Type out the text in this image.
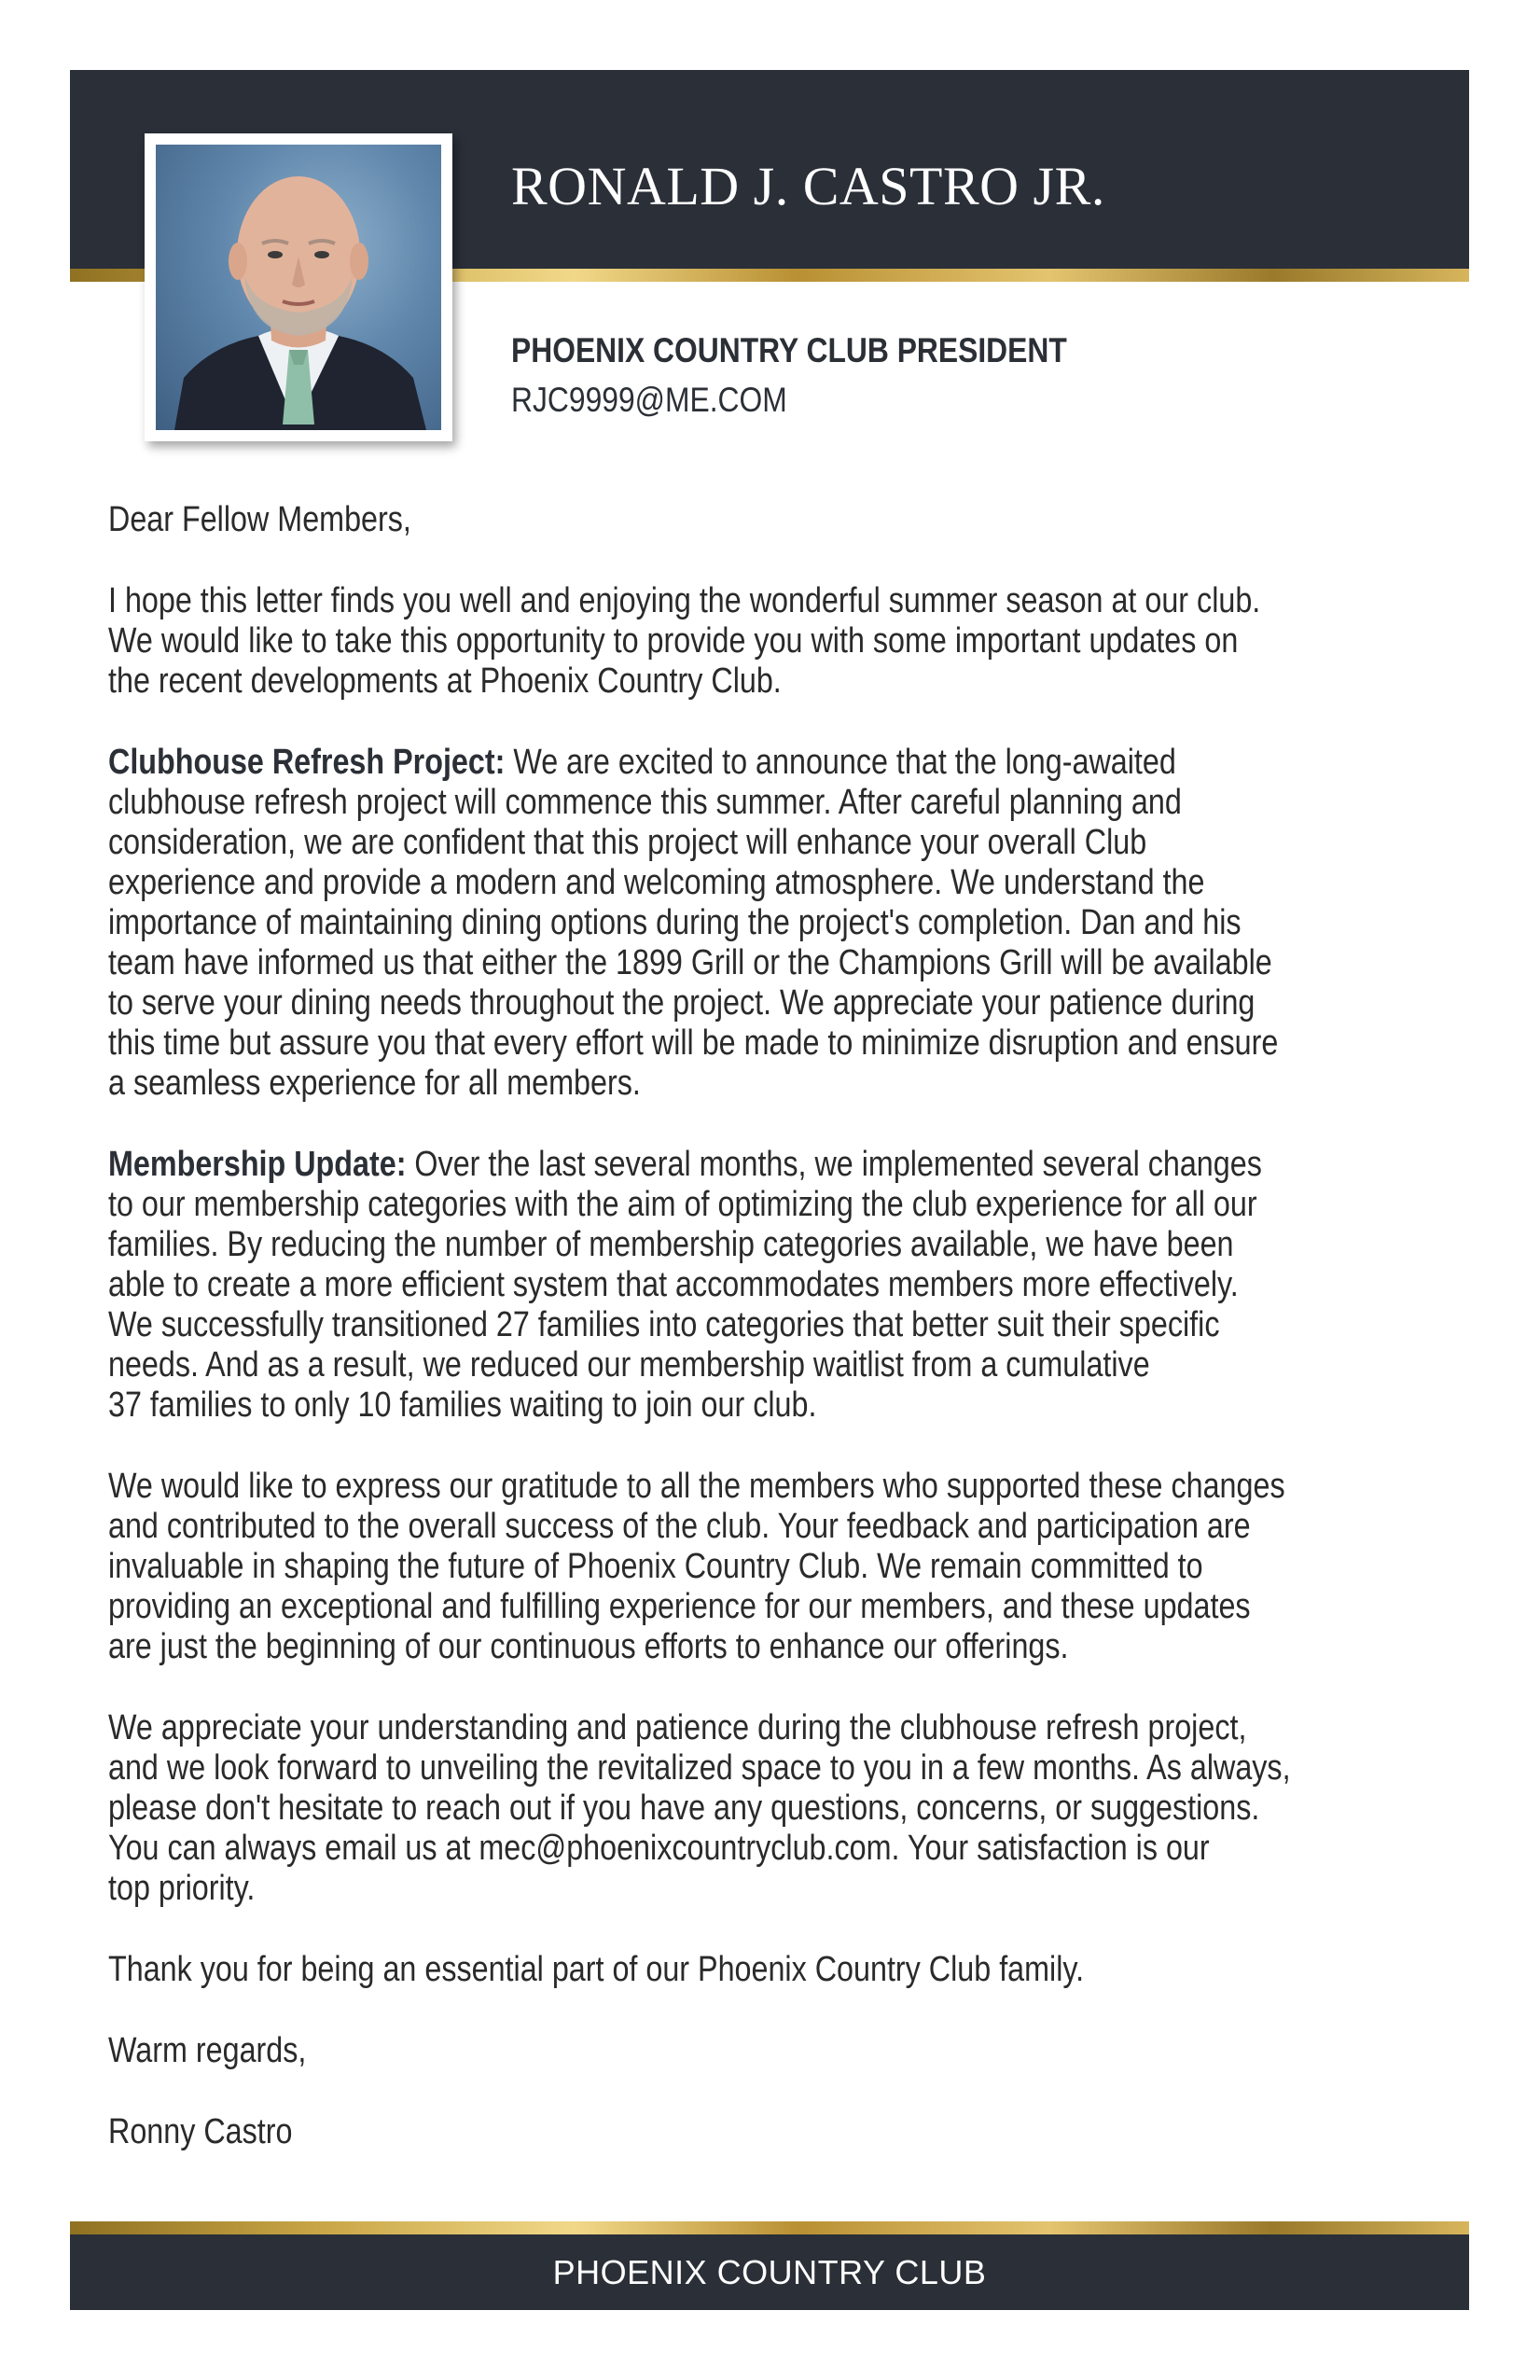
RONALD J. CASTRO JR.
PHOENIX COUNTRY CLUB PRESIDENT
RJC9999@ME.COM
Dear Fellow Members,
I hope this letter finds you well and enjoying the wonderful summer season at our club.
We would like to take this opportunity to provide you with some important updates on
the recent developments at Phoenix Country Club.
Clubhouse Refresh Project: We are excited to announce that the long-awaited
clubhouse refresh project will commence this summer. After careful planning and
consideration, we are confident that this project will enhance your overall Club
experience and provide a modern and welcoming atmosphere. We understand the
importance of maintaining dining options during the project's completion. Dan and his
team have informed us that either the 1899 Grill or the Champions Grill will be available
to serve your dining needs throughout the project. We appreciate your patience during
this time but assure you that every effort will be made to minimize disruption and ensure
a seamless experience for all members.
Membership Update: Over the last several months, we implemented several changes
to our membership categories with the aim of optimizing the club experience for all our
families. By reducing the number of membership categories available, we have been
able to create a more efficient system that accommodates members more effectively.
We successfully transitioned 27 families into categories that better suit their specific
needs. And as a result, we reduced our membership waitlist from a cumulative
37 families to only 10 families waiting to join our club.
We would like to express our gratitude to all the members who supported these changes
and contributed to the overall success of the club. Your feedback and participation are
invaluable in shaping the future of Phoenix Country Club. We remain committed to
providing an exceptional and fulfilling experience for our members, and these updates
are just the beginning of our continuous efforts to enhance our offerings.
We appreciate your understanding and patience during the clubhouse refresh project,
and we look forward to unveiling the revitalized space to you in a few months. As always,
please don't hesitate to reach out if you have any questions, concerns, or suggestions.
You can always email us at mec@phoenixcountryclub.com. Your satisfaction is our
top priority.
Thank you for being an essential part of our Phoenix Country Club family.
Warm regards,
Ronny Castro
PHOENIX COUNTRY CLUB
